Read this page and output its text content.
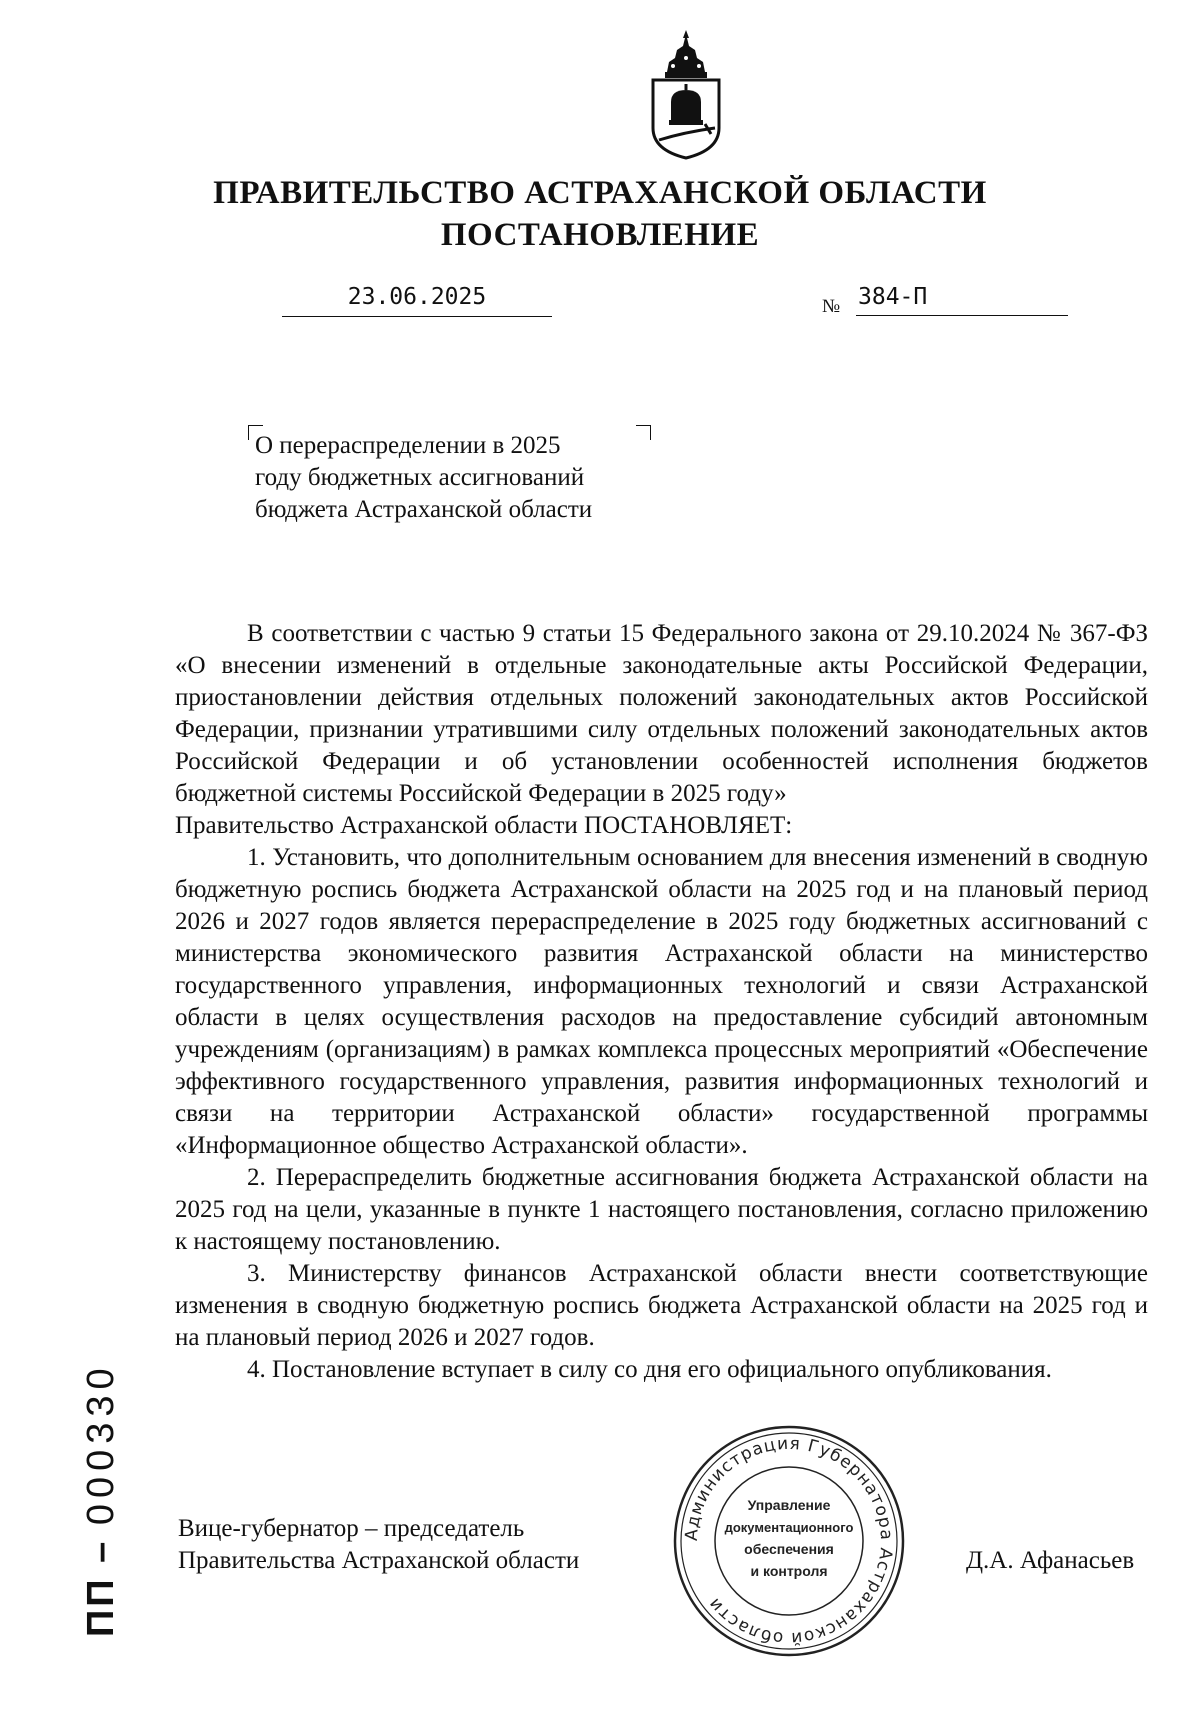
ПРАВИТЕЛЬСТВО АСТРАХАНСКОЙ ОБЛАСТИ
ПОСТАНОВЛЕНИЕ
23.06.2025	№ 384-П
О перераспределении в 2025
году бюджетных ассигнований
бюджета Астраханской области

В соответствии с частью 9 статьи 15 Федерального закона от 29.10.2024 № 367-ФЗ «О внесении изменений в отдельные законодательные акты Российской Федерации, приостановлении действия отдельных положений законодательных актов Российской Федерации, признании утратившими силу отдельных положений законодательных актов Российской Федерации и об установлении особенностей исполнения бюджетов бюджетной системы Российской Федерации в 2025 году»

Правительство Астраханской области ПОСТАНОВЛЯЕТ:

1. Установить, что дополнительным основанием для внесения изменений в сводную бюджетную роспись бюджета Астраханской области на 2025 год и на плановый период 2026 и 2027 годов является перераспределение в 2025 году бюджетных ассигнований с министерства экономического развития Астраханской области на министерство государственного управления, информационных технологий и связи Астраханской области в целях осуществления расходов на предоставление субсидий автономным учреждениям (организациям) в рамках комплекса процессных мероприятий «Обеспечение эффективного государственного управления, развития информационных технологий и связи на территории Астраханской области» государственной программы «Информационное общество Астраханской области».

2. Перераспределить бюджетные ассигнования бюджета Астраханской области на 2025 год на цели, указанные в пункте 1 настоящего постановления, согласно приложению к настоящему постановлению.

3. Министерству финансов Астраханской области внести соответствующие изменения в сводную бюджетную роспись бюджета Астраханской области на 2025 год и на плановый период 2026 и 2027 годов.

4. Постановление вступает в силу со дня его официального опубликования.

Вице-губернатор – председатель
Правительства Астраханской области
Администрация Губернатора Астраханской области
Управление
документационного
обеспечения
и контроля	Д.А. Афанасьев
ПП – 000330
